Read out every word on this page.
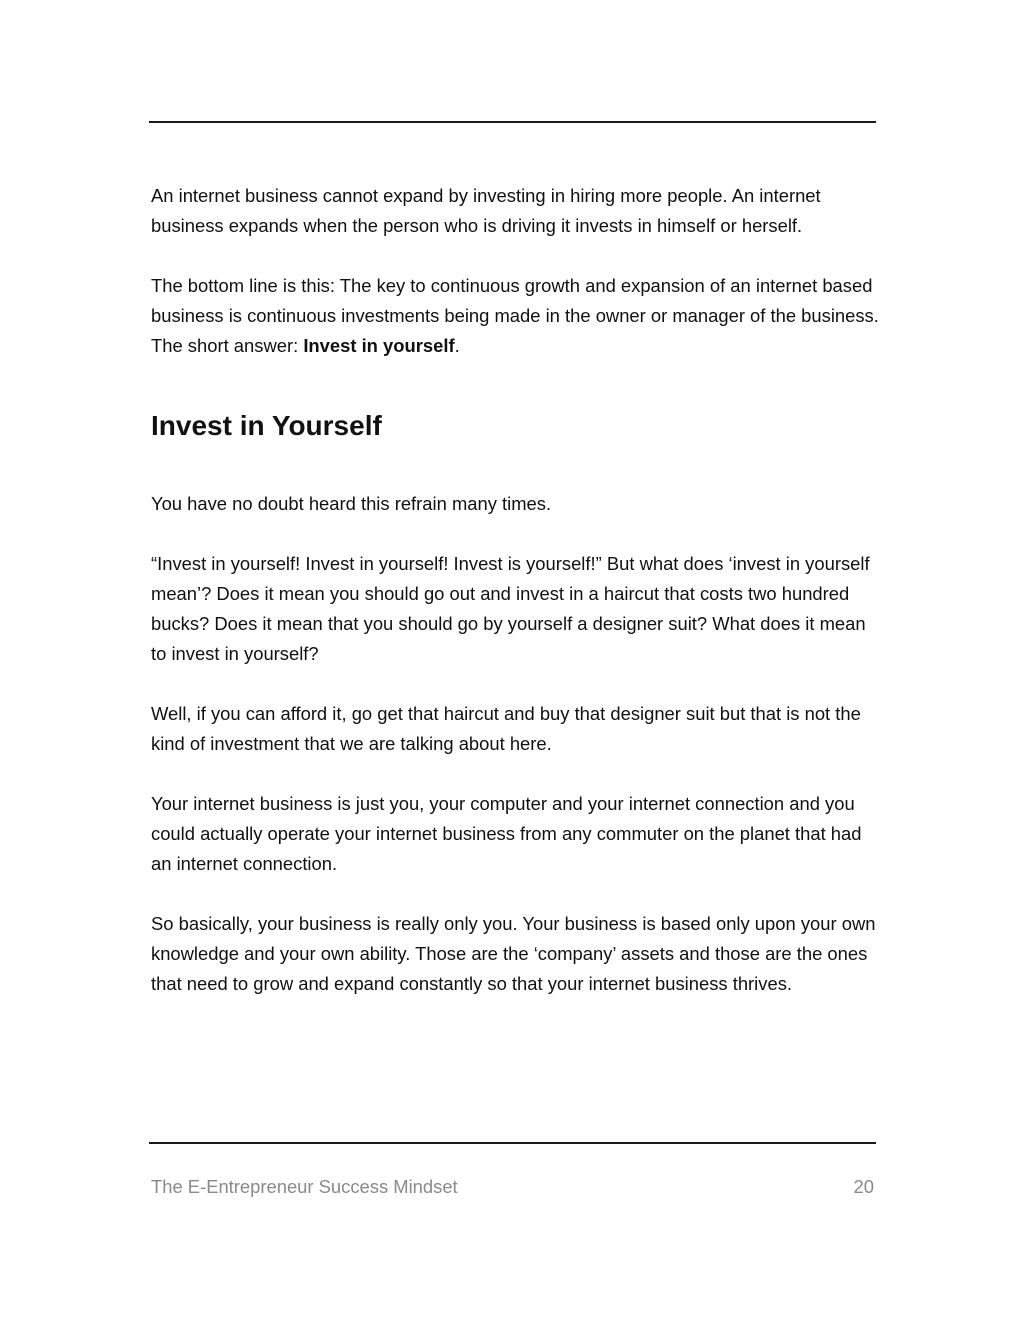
An internet business cannot expand by investing in hiring more people. An internet business expands when the person who is driving it invests in himself or herself.

The bottom line is this: The key to continuous growth and expansion of an internet based business is continuous investments being made in the owner or manager of the business. The short answer: Invest in yourself.

Invest in Yourself

You have no doubt heard this refrain many times.

“Invest in yourself! Invest in yourself! Invest is yourself!” But what does ‘invest in yourself mean’? Does it mean you should go out and invest in a haircut that costs two hundred bucks? Does it mean that you should go by yourself a designer suit? What does it mean to invest in yourself?

Well, if you can afford it, go get that haircut and buy that designer suit but that is not the kind of investment that we are talking about here.

Your internet business is just you, your computer and your internet connection and you could actually operate your internet business from any commuter on the planet that had an internet connection.

So basically, your business is really only you. Your business is based only upon your own knowledge and your own ability. Those are the ‘company’ assets and those are the ones that need to grow and expand constantly so that your internet business thrives.

The E-Entrepreneur Success Mindset	20
